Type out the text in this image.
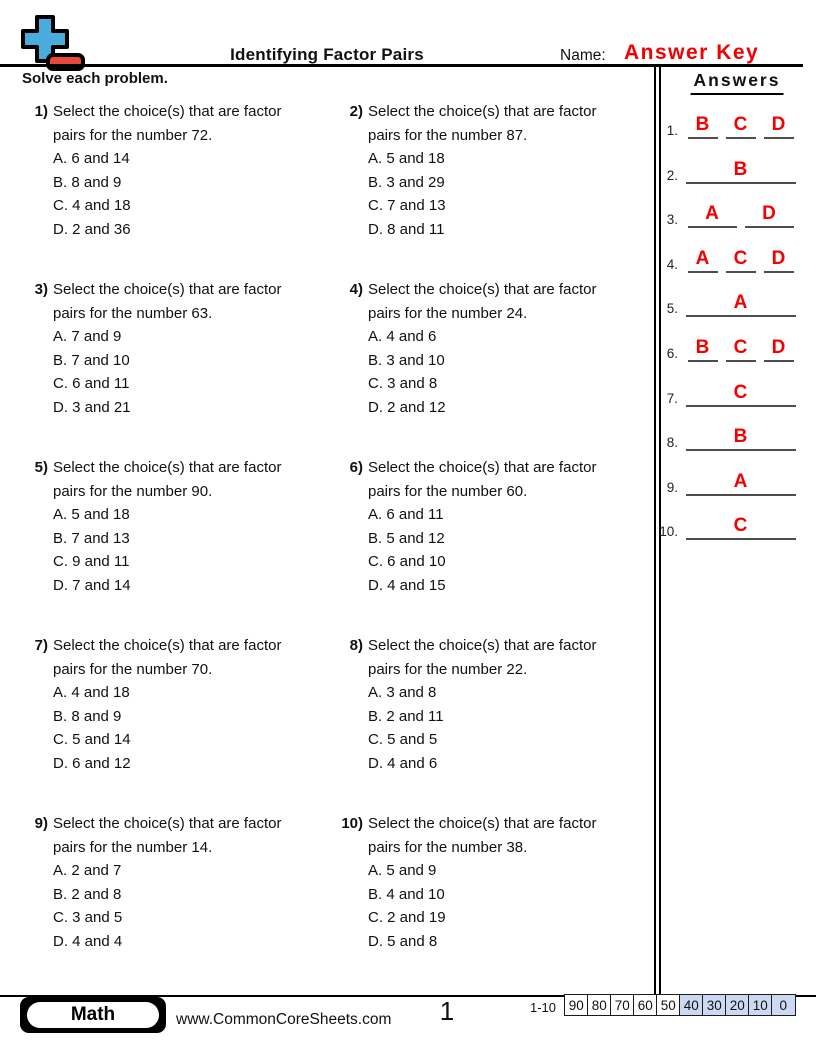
Identifying Factor Pairs	Name: Answer Key
Solve each problem.	Answers
1. B C D
2.	B
3. A D
4. A C D
5.	A
6. B C D
7.	C
8.	B
9.	A
10.	C
1) Select the choice(s) that are factor
pairs for the number 72.
A. 6 and 14
B. 8 and 9
C. 4 and 18
D. 2 and 36
2) Select the choice(s) that are factor
pairs for the number 87.
A. 5 and 18
B. 3 and 29
C. 7 and 13
D. 8 and 11
3) Select the choice(s) that are factor
pairs for the number 63.
A. 7 and 9
B. 7 and 10
C. 6 and 11
D. 3 and 21
4) Select the choice(s) that are factor
pairs for the number 24.
A. 4 and 6
B. 3 and 10
C. 3 and 8
D. 2 and 12
5) Select the choice(s) that are factor
pairs for the number 90.
A. 5 and 18
B. 7 and 13
C. 9 and 11
D. 7 and 14
6) Select the choice(s) that are factor
pairs for the number 60.
A. 6 and 11
B. 5 and 12
C. 6 and 10
D. 4 and 15
7) Select the choice(s) that are factor
pairs for the number 70.
A. 4 and 18
B. 8 and 9
C. 5 and 14
D. 6 and 12
8) Select the choice(s) that are factor
pairs for the number 22.
A. 3 and 8
B. 2 and 11
C. 5 and 5
D. 4 and 6
9) Select the choice(s) that are factor
pairs for the number 14.
A. 2 and 7
B. 2 and 8
C. 3 and 5
D. 4 and 4
10) Select the choice(s) that are factor
pairs for the number 38.
A. 5 and 9
B. 4 and 10
C. 2 and 19
D. 5 and 8
Math	www.CommonCoreSheets.com 1	1-10 90 80 70 60 50 40 30 20 10 0
